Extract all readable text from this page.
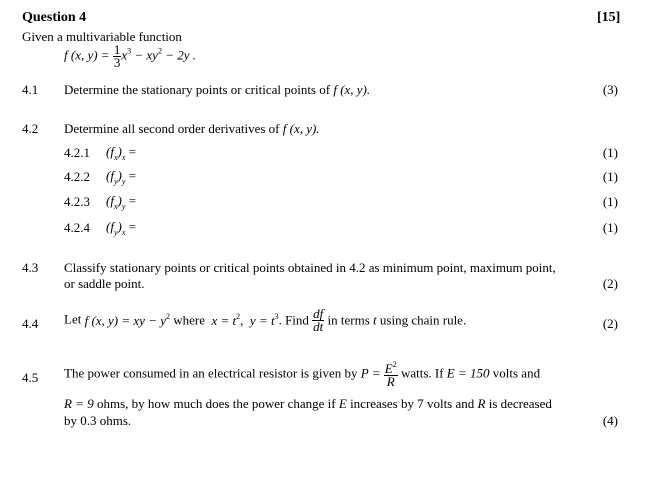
Question 4	[15]
Given a multivariable function
f (x, $y) = \frac{1}{3} x^3 - xy^2 - 2y$ .
4.1 Determine the stationary points or critical points of f (x, y).	(3)
4.2 Determine all second order derivatives of f (x, y).
4.2.1 $(f_x)_x$ =	(1)
4.2.2 $(f_y)_y$ =	(1)
4.2.3 $(f_x)_y$ =	(1)
4.2.4 $(f_y)_x$ =	(1)
4.3 Classify stationary points or critical points obtained in 4.2 as minimum point, maximum point,
or saddle point.	(2)
4.4 Let f (x, y) = xy − $y^2$ where $x = t^2$, $y = t^3$. Find $\frac{df}{dt}$ in terms t using chain rule.	(2)
4.5 The power consumed in an electrical resistor is given by $P = \frac{E^2}{R}$ watts. If E = 150 volts and
R = 9 ohms, by how much does the power change if E increases by 7 volts and R is decreased
by 0.3 ohms.	(4)
